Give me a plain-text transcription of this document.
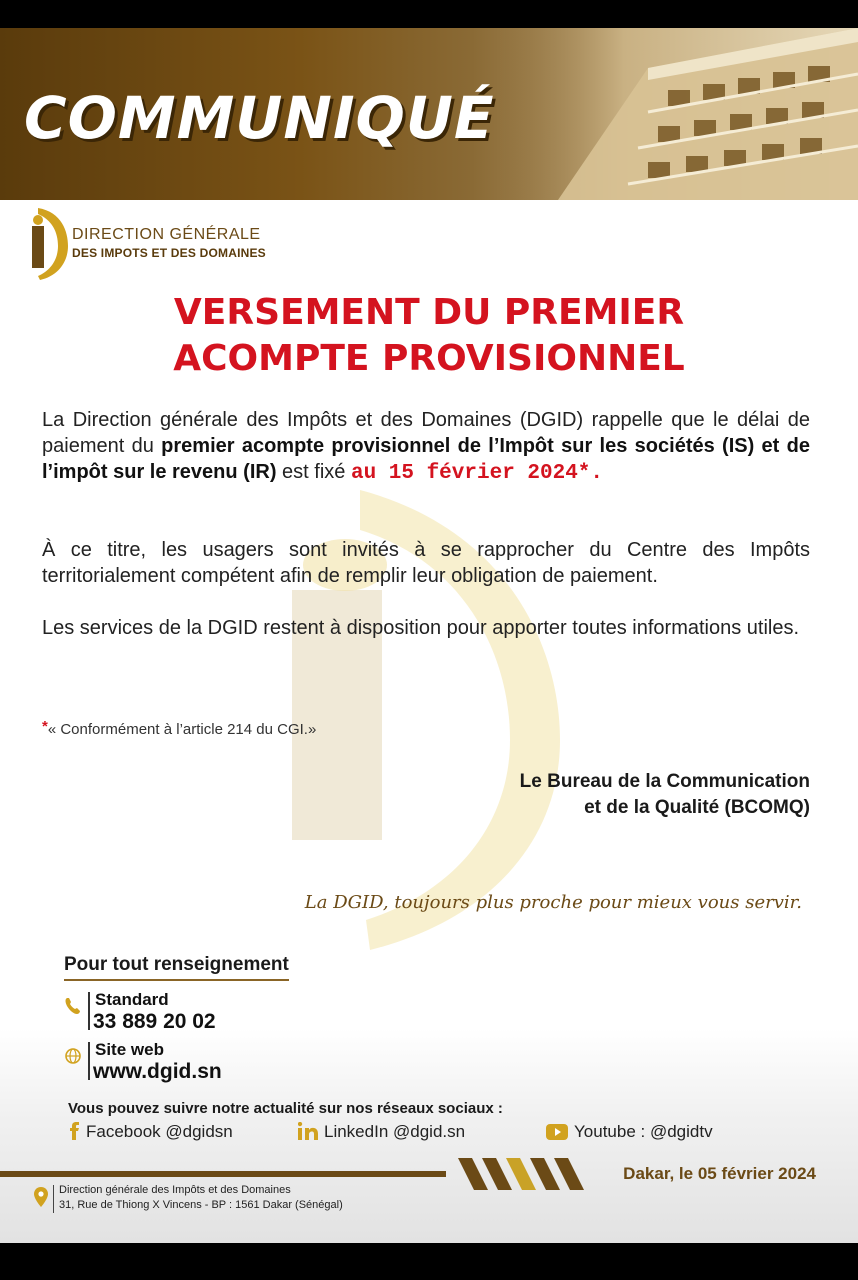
COMMUNIQUÉ
DIRECTION GÉNÉRALE
DES IMPOTS ET DES DOMAINES
VERSEMENT DU PREMIER
ACOMPTE PROVISIONNEL

La Direction générale des Impôts et des Domaines (DGID) rappelle que le délai de paiement du premier acompte provisionnel de l’Impôt sur les sociétés (IS) et de l’impôt sur le revenu (IR) est fixé au 15 février 2024*.

À ce titre, les usagers sont invités à se rapprocher du Centre des Impôts territorialement compétent afin de remplir leur obligation de paiement.

Les services de la DGID restent à disposition pour apporter toutes informations utiles.

*« Conformément à l’article 214 du CGI.»
Le Bureau de la Communication
et de la Qualité (BCOMQ)
La DGID, toujours plus proche pour mieux vous servir.
Pour tout renseignement
Standard
33 889 20 02
Site web
www.dgid.sn
Vous pouvez suivre notre actualité sur nos réseaux sociaux :
Facebook @dgidsn	LinkedIn @dgid.sn	Youtube : @dgidtv
Dakar, le 05 février 2024
Direction générale des Impôts et des Domaines
31, Rue de Thiong X Vincens - BP : 1561 Dakar (Sénégal)
